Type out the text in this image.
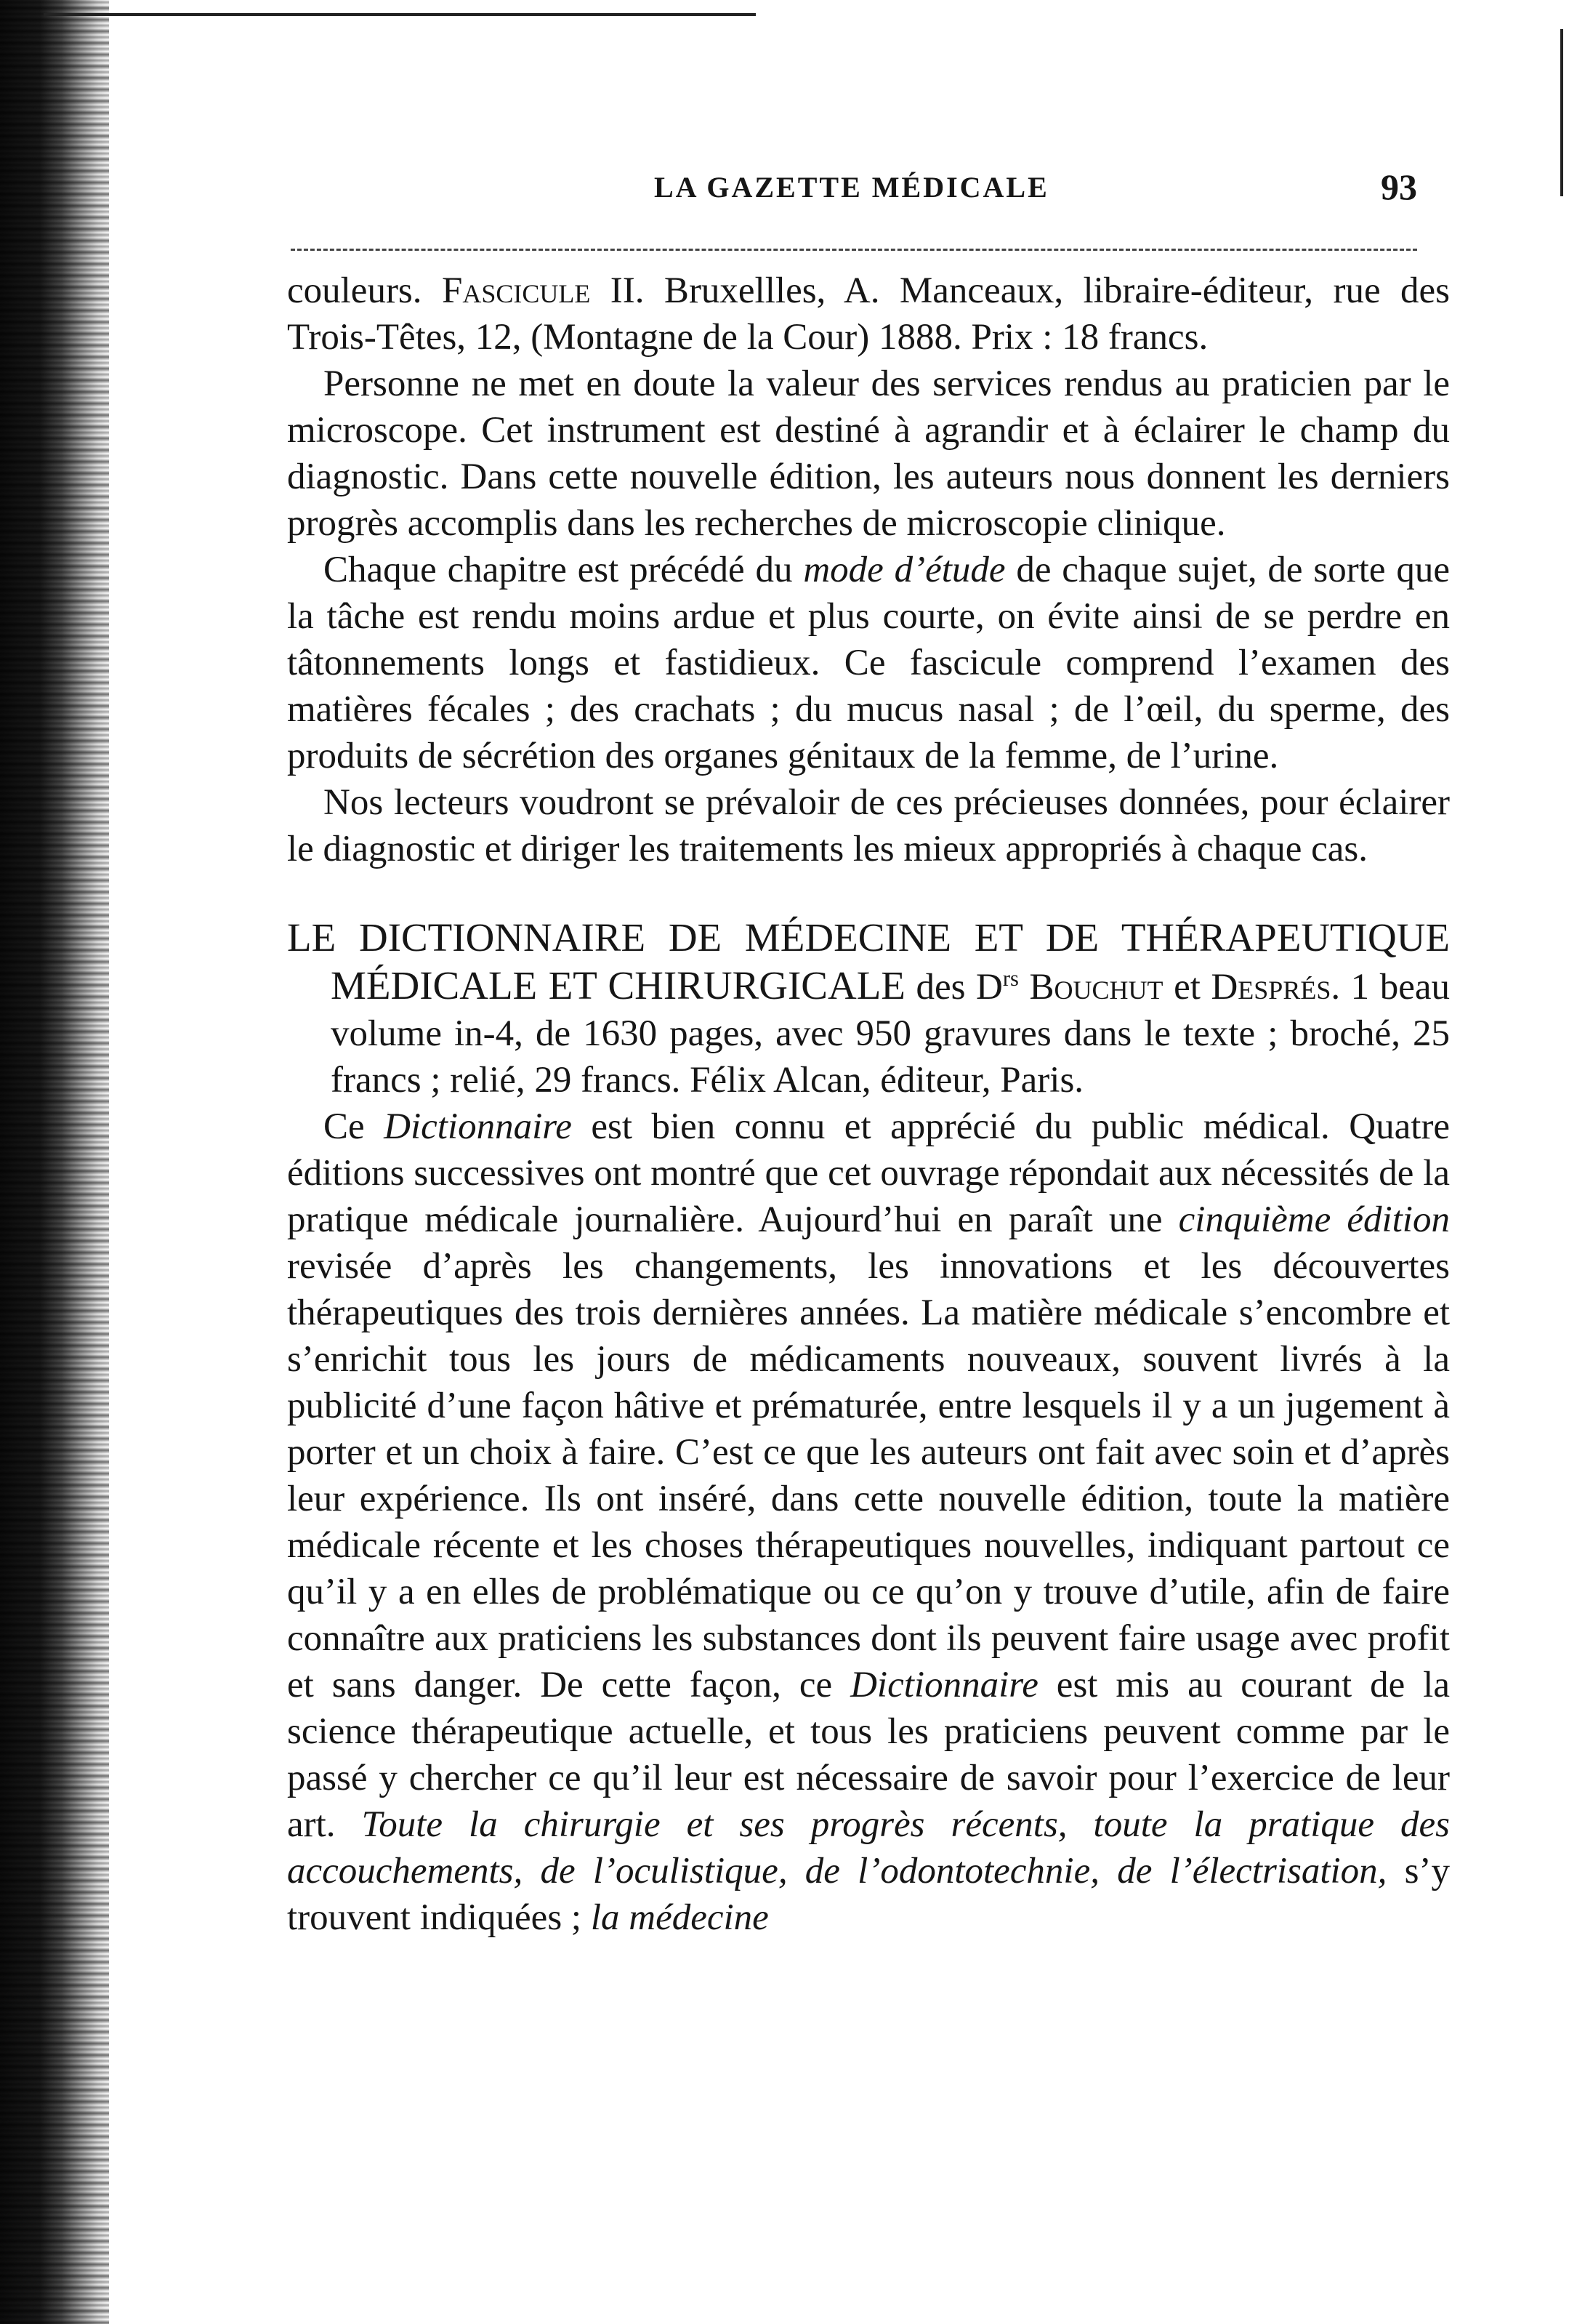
LA GAZETTE MÉDICALE	93

couleurs. Fascicule II. Bruxellles, A. Manceaux, libraire-éditeur, rue des Trois-Têtes, 12, (Montagne de la Cour) 1888. Prix : 18 francs.

Personne ne met en doute la valeur des services rendus au praticien par le microscope. Cet instrument est destiné à agrandir et à éclairer le champ du diagnostic. Dans cette nouvelle édition, les auteurs nous donnent les derniers progrès accomplis dans les recherches de microscopie clinique.

Chaque chapitre est précédé du mode d’étude de chaque sujet, de sorte que la tâche est rendu moins ardue et plus courte, on évite ainsi de se perdre en tâtonnements longs et fastidieux. Ce fascicule comprend l’examen des matières fécales ; des crachats ; du mucus nasal ; de l’œil, du sperme, des produits de sécrétion des organes génitaux de la femme, de l’urine.

Nos lecteurs voudront se prévaloir de ces précieuses données, pour éclairer le diagnostic et diriger les traitements les mieux appropriés à chaque cas.

LE DICTIONNAIRE DE MÉDECINE ET DE THÉRAPEUTIQUE MÉDICALE ET CHIRURGICALE des $D^{rs}$ Bouchut et Després. 1 beau volume in-4, de 1630 pages, avec 950 gravures dans le texte ; broché, 25 francs ; relié, 29 francs. Félix Alcan, éditeur, Paris.

Ce Dictionnaire est bien connu et apprécié du public médical. Quatre éditions successives ont montré que cet ouvrage répondait aux nécessités de la pratique médicale journalière. Aujourd’hui en paraît une cinquième édition revisée d’après les changements, les innovations et les découvertes thérapeutiques des trois dernières années. La matière médicale s’encombre et s’enrichit tous les jours de médicaments nouveaux, souvent livrés à la publicité d’une façon hâtive et prématurée, entre lesquels il y a un jugement à porter et un choix à faire. C’est ce que les auteurs ont fait avec soin et d’après leur expérience. Ils ont inséré, dans cette nouvelle édition, toute la matière médicale récente et les choses thérapeutiques nouvelles, indiquant partout ce qu’il y a en elles de problématique ou ce qu’on y trouve d’utile, afin de faire connaître aux praticiens les substances dont ils peuvent faire usage avec profit et sans danger. De cette façon, ce Dictionnaire est mis au courant de la science thérapeutique actuelle, et tous les praticiens peuvent comme par le passé y chercher ce qu’il leur est nécessaire de savoir pour l’exercice de leur art. Toute la chirurgie et ses progrès récents, toute la pratique des accouchements, de l’oculistique, de l’odontotechnie, de l’électrisation, s’y trouvent indiquées ; la médecine
